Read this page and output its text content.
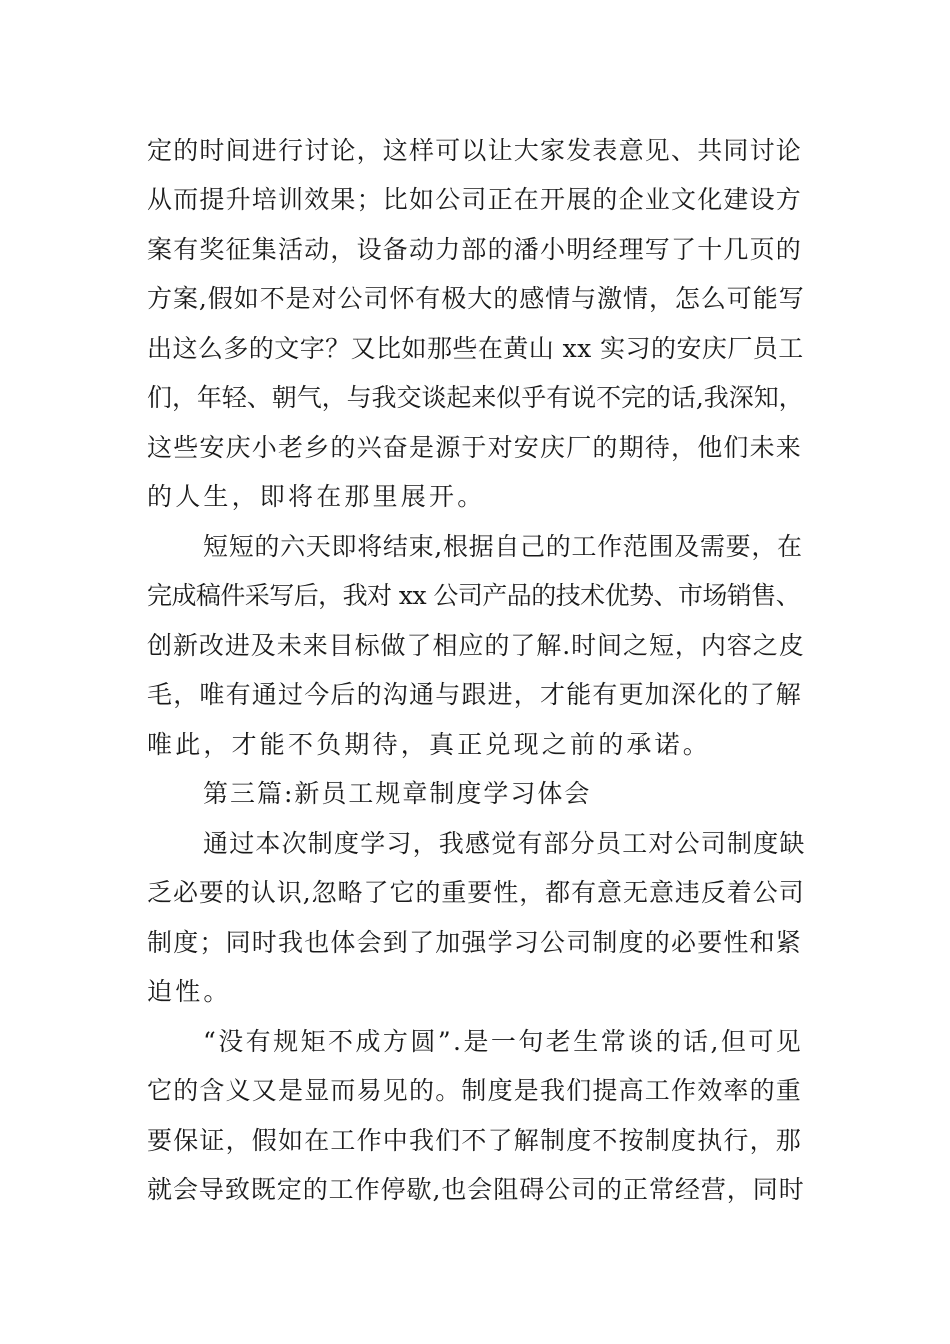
定的时间进行讨论，这样可以让大家发表意见、共同讨论
从而提升培训效果；比如公司正在开展的企业文化建设方
案有奖征集活动，设备动力部的潘小明经理写了十几页的
方案,假如不是对公司怀有极大的感情与激情，怎么可能写
出这么多的文字？又比如那些在黄山 xx 实习的安庆厂员工
们，年轻、朝气，与我交谈起来似乎有说不完的话,我深知，
这些安庆小老乡的兴奋是源于对安庆厂的期待，他们未来
的人生，即将在那里展开。
短短的六天即将结束,根据自己的工作范围及需要，在
完成稿件采写后，我对 xx 公司产品的技术优势、市场销售、
创新改进及未来目标做了相应的了解.时间之短，内容之皮
毛，唯有通过今后的沟通与跟进，才能有更加深化的了解
唯此，才能不负期待，真正兑现之前的承诺。
第三篇:新员工规章制度学习体会
通过本次制度学习，我感觉有部分员工对公司制度缺
乏必要的认识,忽略了它的重要性，都有意无意违反着公司
制度；同时我也体会到了加强学习公司制度的必要性和紧
迫性。
“没有规矩不成方圆”.是一句老生常谈的话,但可见
它的含义又是显而易见的。制度是我们提高工作效率的重
要保证，假如在工作中我们不了解制度不按制度执行，那
就会导致既定的工作停歇,也会阻碍公司的正常经营，同时
